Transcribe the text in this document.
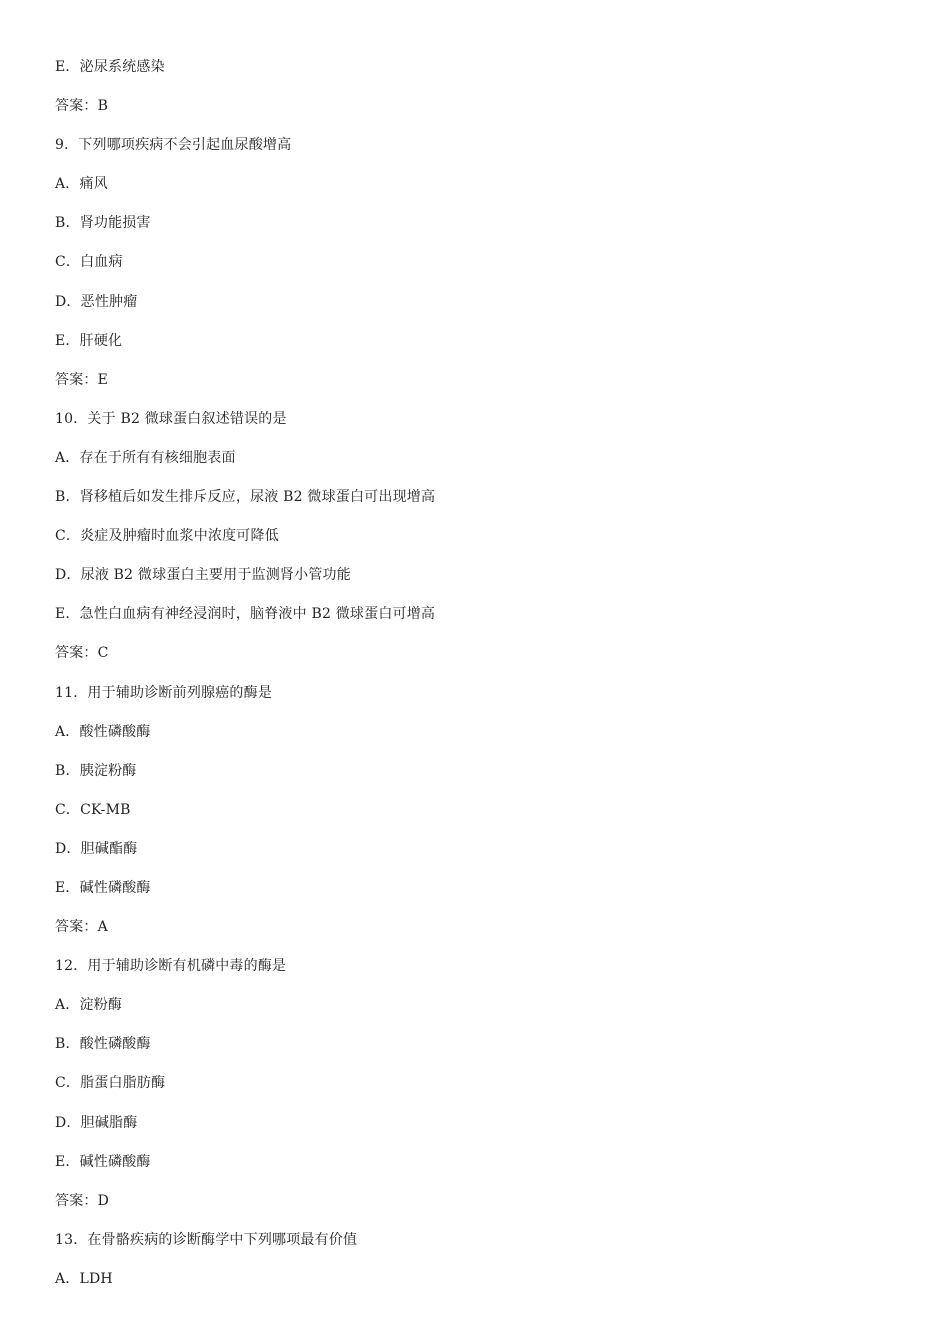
E．泌尿系统感染
答案：B
9．下列哪项疾病不会引起血尿酸增高
A．痛风
B．肾功能损害
C．白血病
D．恶性肿瘤
E．肝硬化
答案：E
10．关于 B2 微球蛋白叙述错误的是
A．存在于所有有核细胞表面
B．肾移植后如发生排斥反应，尿液 B2 微球蛋白可出现增高
C．炎症及肿瘤时血浆中浓度可降低
D．尿液 B2 微球蛋白主要用于监测肾小管功能
E．急性白血病有神经浸润时，脑脊液中 B2 微球蛋白可增高
答案：C
11．用于辅助诊断前列腺癌的酶是
A．酸性磷酸酶
B．胰淀粉酶
C．CK-MB
D．胆碱酯酶
E．碱性磷酸酶
答案：A
12．用于辅助诊断有机磷中毒的酶是
A．淀粉酶
B．酸性磷酸酶
C．脂蛋白脂肪酶
D．胆碱脂酶
E．碱性磷酸酶
答案：D
13．在骨骼疾病的诊断酶学中下列哪项最有价值
A．LDH
